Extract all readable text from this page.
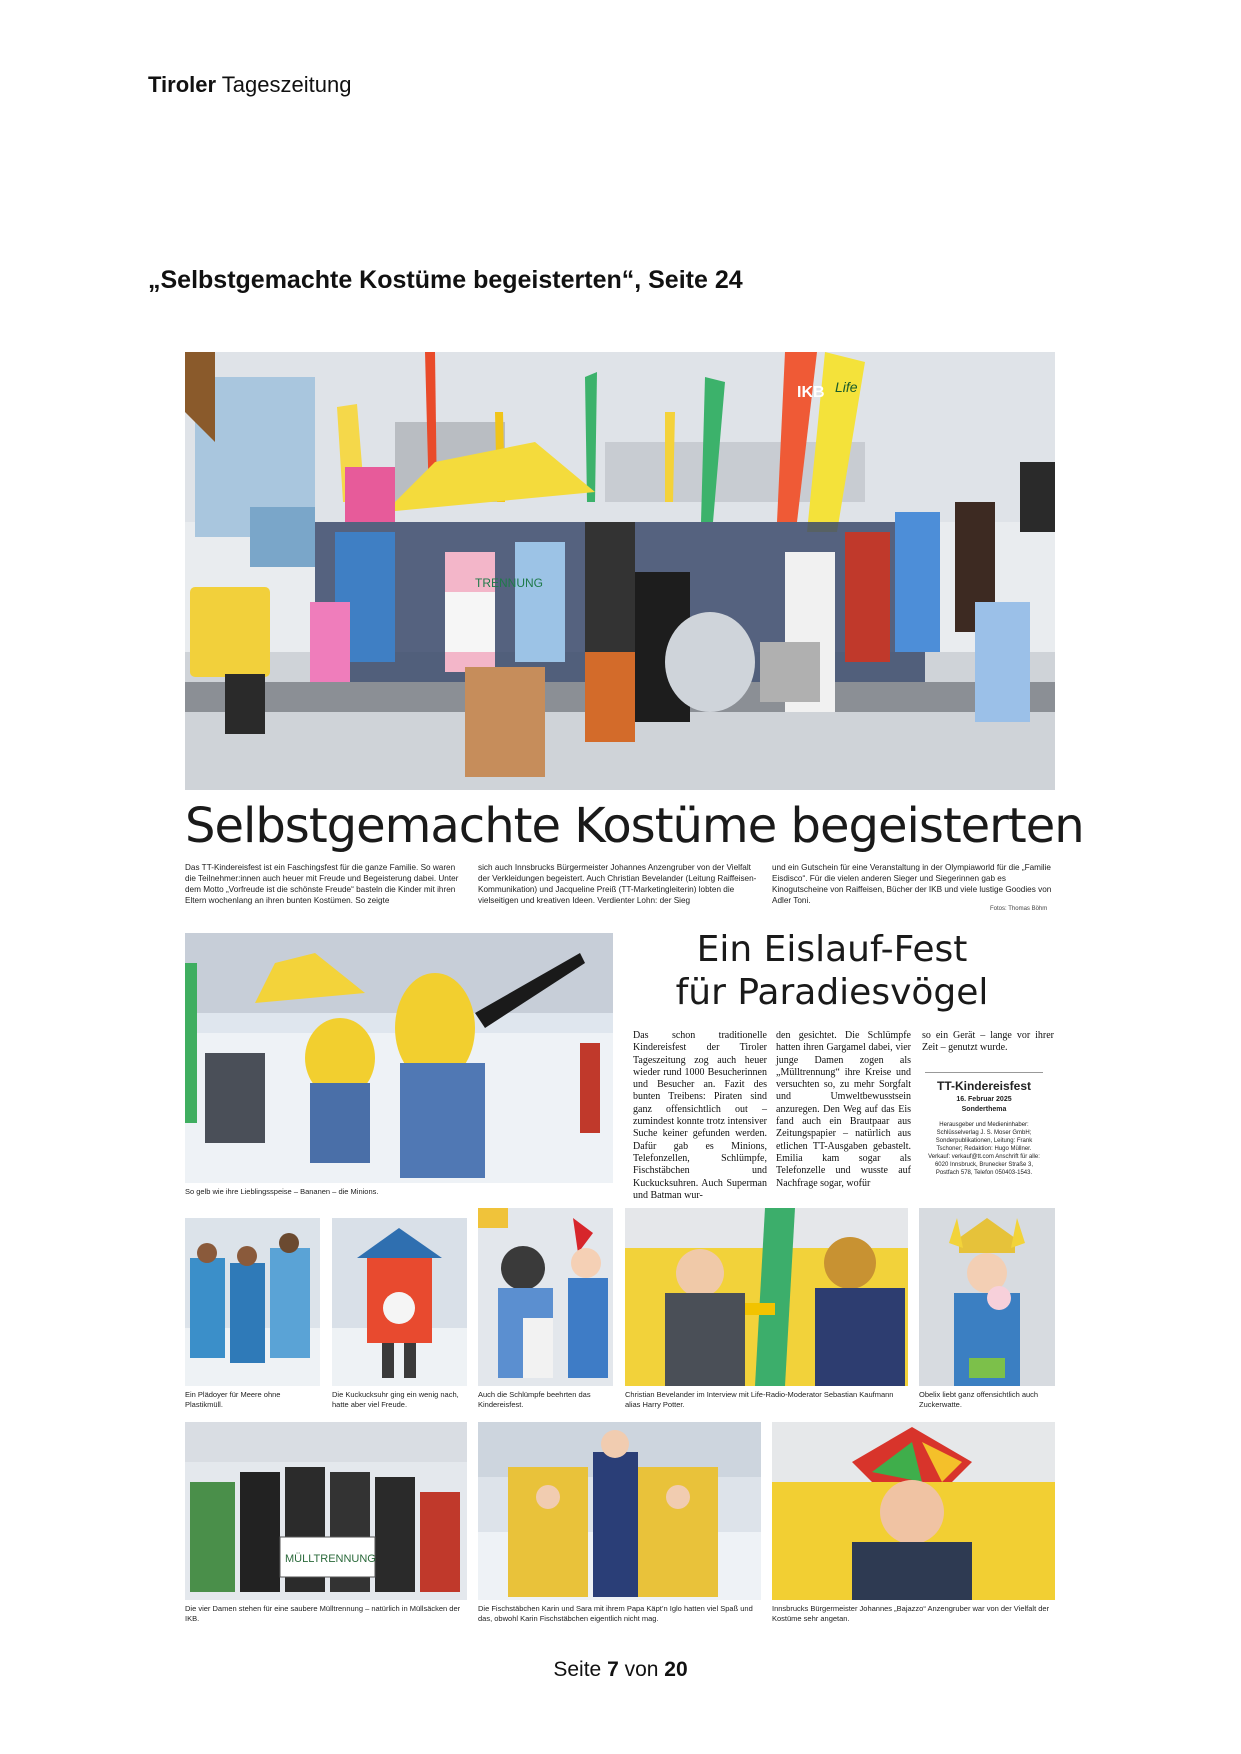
Tiroler Tageszeitung
„Selbstgemachte Kostüme begeisterten“, Seite 24
TRENNUNG
IKB Life
Selbstgemachte Kostüme begeisterten
Das TT-Kindereisfest ist ein Faschingsfest für die ganze Familie. So waren die Teilnehmer:innen auch heuer mit Freude und Begeisterung dabei. Unter dem Motto „Vorfreude ist die schönste Freude“ basteln die Kinder mit ihren Eltern wochenlang an ihren bunten Kostümen. So zeigte
sich auch Innsbrucks Bürgermeister Johannes Anzengruber von der Vielfalt der Verkleidungen begeistert. Auch Christian Bevelander (Leitung Raiffeisen-Kommunikation) und Jacqueline Preiß (TT-Marketingleiterin) lobten die vielseitigen und kreativen Ideen. Verdienter Lohn: der Sieg
und ein Gutschein für eine Veranstaltung in der Olympiaworld für die „Familie Eisdisco“. Für die vielen anderen Sieger und Siegerinnen gab es Kinogutscheine von Raiffeisen, Bücher der IKB und viele lustige Goodies von Adler Toni.
Fotos: Thomas Böhm
So gelb wie ihre Lieblingsspeise – Bananen – die Minions.
Ein Eislauf-Fest
für Paradiesvögel
Das schon traditionelle Kindereisfest der Tiroler Tageszeitung zog auch heuer wieder rund 1000 Besucherinnen und Besucher an. Fazit des bunten Treibens: Piraten sind ganz offensichtlich out – zumindest konnte trotz intensiver Suche keiner gefunden werden. Dafür gab es Minions, Telefonzellen, Schlümpfe, Fischstäbchen und Kuckucksuhren. Auch Superman und Batman wur-
den gesichtet. Die Schlümpfe hatten ihren Gargamel dabei, vier junge Damen zogen als „Mülltrennung“ ihre Kreise und versuchten so, zu mehr Sorgfalt und Umweltbewusstsein anzuregen. Den Weg auf das Eis fand auch ein Brautpaar aus Zeitungspapier – natürlich aus etlichen TT-Ausgaben gebastelt. Emilia kam sogar als Telefonzelle und wusste auf Nachfrage sogar, wofür
so ein Gerät – lange vor ihrer Zeit – genutzt wurde.
TT-Kindereisfest
16. Februar 2025
Sonderthema
Herausgeber und Medieninhaber: Schlüsselverlag J. S. Moser GmbH; Sonderpublikationen, Leitung: Frank Tschoner; Redaktion: Hugo Müllner. Verkauf: verkauf@tt.com Anschrift für alle: 6020 Innsbruck, Brunecker Straße 3, Postfach 578, Telefon 050403-1543.
Ein Plädoyer für Meere ohne Plastikmüll.
Die Kuckucksuhr ging ein wenig nach, hatte aber viel Freude.
Auch die Schlümpfe beehrten das Kindereisfest.
Christian Bevelander im Interview mit Life-Radio-Moderator Sebastian Kaufmann alias Harry Potter.
Obelix liebt ganz offensichtlich auch Zuckerwatte.
MÜLLTRENNUNG
Die vier Damen stehen für eine saubere Mülltrennung – natürlich in Müllsäcken der IKB.
Die Fischstäbchen Karin und Sara mit ihrem Papa Käpt’n Iglo hatten viel Spaß und das, obwohl Karin Fischstäbchen eigentlich nicht mag.
Innsbrucks Bürgermeister Johannes „Bajazzo“ Anzengruber war von der Vielfalt der Kostüme sehr angetan.
Seite 7 von 20
